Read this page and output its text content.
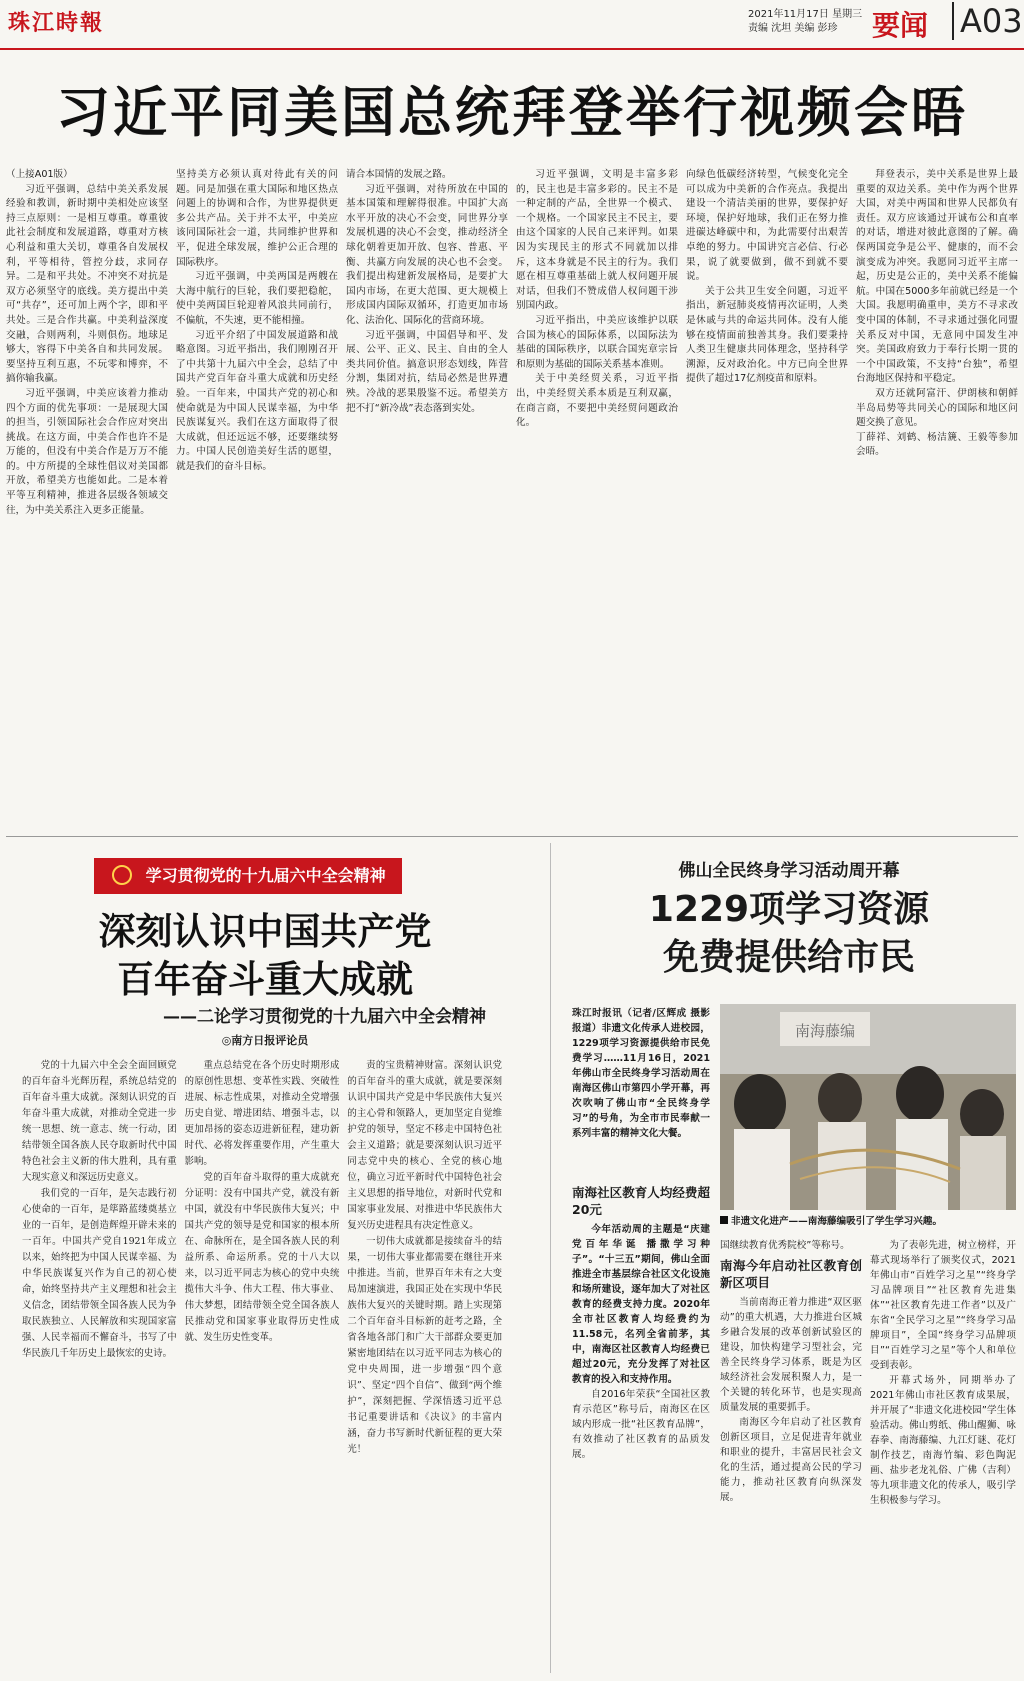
珠江時報	2021年11月17日 星期三
责编 沈坦 美编 彭珍	要闻 A03
习近平同美国总统拜登举行视频会晤

（上接A01版）

习近平强调，总结中美关系发展经验和教训，新时期中美相处应该坚持三点原则：一是相互尊重。尊重彼此社会制度和发展道路，尊重对方核心利益和重大关切，尊重各自发展权利，平等相待，管控分歧，求同存异。二是和平共处。不冲突不对抗是双方必须坚守的底线。美方提出中美可“共存”，还可加上两个字，即和平共处。三是合作共赢。中美利益深度交融，合则两利，斗则俱伤。地球足够大，容得下中美各自和共同发展。要坚持互利互惠，不玩零和博弈，不搞你输我赢。

习近平强调，中美应该着力推动四个方面的优先事项：一是展现大国的担当，引领国际社会合作应对突出挑战。在这方面，中美合作也许不是万能的，但没有中美合作是万万不能的。中方所提的全球性倡议对美国都开放，希望美方也能如此。二是本着平等互利精神，推进各层级各领域交往，为中美关系注入更多正能量。

坚持美方必须认真对待此有关的问题。同是加强在重大国际和地区热点问题上的协调和合作，为世界提供更多公共产品。关于并不太平，中美应该同国际社会一道，共同维护世界和平，促进全球发展，维护公正合理的国际秩序。

习近平强调，中美两国是两艘在大海中航行的巨轮，我们要把稳舵，使中美两国巨轮迎着风浪共同前行，不偏航，不失速，更不能相撞。

习近平介绍了中国发展道路和战略意图。习近平指出，我们刚刚召开了中共第十九届六中全会，总结了中国共产党百年奋斗重大成就和历史经验。一百年来，中国共产党的初心和使命就是为中国人民谋幸福，为中华民族谋复兴。我们在这方面取得了很大成就，但还远远不够，还要继续努力。中国人民创造美好生活的愿望，就是我们的奋斗目标。

请合本国情的发展之路。

习近平强调，对待所放在中国的基本国策和理解得很准。中国扩大高水平开放的决心不会变，同世界分享发展机遇的决心不会变，推动经济全球化朝着更加开放、包容、普惠、平衡、共赢方向发展的决心也不会变。我们提出构建新发展格局，是要扩大国内市场，在更大范围、更大规模上形成国内国际双循环，打造更加市场化、法治化、国际化的营商环境。

习近平强调，中国倡导和平、发展、公平、正义、民主、自由的全人类共同价值。搞意识形态划线，阵营分割，集团对抗，结局必然是世界遭殃。冷战的恶果殷鉴不远。希望美方把不打“新冷战”表态落到实处。

习近平强调，文明是丰富多彩的，民主也是丰富多彩的。民主不是一种定制的产品，全世界一个模式、一个规格。一个国家民主不民主，要由这个国家的人民自己来评判。如果因为实现民主的形式不同就加以排斥，这本身就是不民主的行为。我们愿在相互尊重基础上就人权问题开展对话，但我们不赞成借人权问题干涉别国内政。

习近平指出，中美应该维护以联合国为核心的国际体系，以国际法为基础的国际秩序，以联合国宪章宗旨和原则为基础的国际关系基本准则。

关于中美经贸关系，习近平指出，中美经贸关系本质是互利双赢，在商言商，不要把中美经贸问题政治化。

向绿色低碳经济转型，气候变化完全可以成为中美新的合作亮点。我提出建设一个清洁美丽的世界，要保护好环境，保护好地球，我们正在努力推进碳达峰碳中和，为此需要付出艰苦卓绝的努力。中国讲究言必信、行必果，说了就要做到，做不到就不要说。

关于公共卫生安全问题，习近平指出，新冠肺炎疫情再次证明，人类是休戚与共的命运共同体。没有人能够在疫情面前独善其身。我们要秉持人类卫生健康共同体理念，坚持科学溯源，反对政治化。中方已向全世界提供了超过17亿剂疫苗和原料。

拜登表示，美中关系是世界上最重要的双边关系。美中作为两个世界大国，对美中两国和世界人民都负有责任。双方应该通过开诚布公和直率的对话，增进对彼此意图的了解。确保两国竞争是公平、健康的，而不会演变成为冲突。我愿同习近平主席一起，历史是公正的，美中关系不能偏航。中国在5000多年前就已经是一个大国。我愿明确重申，美方不寻求改变中国的体制，不寻求通过强化同盟关系反对中国，无意同中国发生冲突。美国政府致力于奉行长期一贯的一个中国政策，不支持“台独”，希望台海地区保持和平稳定。

双方还就阿富汗、伊朗核和朝鲜半岛局势等共同关心的国际和地区问题交换了意见。

丁薛祥、刘鹤、杨洁篪、王毅等参加会晤。

学习贯彻党的十九届六中全会精神
深刻认识中国共产党
百年奋斗重大成就
——二论学习贯彻党的十九届六中全会精神
◎南方日报评论员

党的十九届六中全会全面回顾党的百年奋斗光辉历程，系统总结党的百年奋斗重大成就。深刻认识党的百年奋斗重大成就，对推动全党进一步统一思想、统一意志、统一行动，团结带领全国各族人民夺取新时代中国特色社会主义新的伟大胜利，具有重大现实意义和深远历史意义。

我们党的一百年，是矢志践行初心使命的一百年，是筚路蓝缕奠基立业的一百年，是创造辉煌开辟未来的一百年。中国共产党自1921年成立以来，始终把为中国人民谋幸福、为中华民族谋复兴作为自己的初心使命，始终坚持共产主义理想和社会主义信念，团结带领全国各族人民为争取民族独立、人民解放和实现国家富强、人民幸福而不懈奋斗，书写了中华民族几千年历史上最恢宏的史诗。

重点总结党在各个历史时期形成的原创性思想、变革性实践、突破性进展、标志性成果，对推动全党增强历史自觉、增进团结、增强斗志，以更加昂扬的姿态迈进新征程，建功新时代、必将发挥重要作用，产生重大影响。

党的百年奋斗取得的重大成就充分证明：没有中国共产党，就没有新中国，就没有中华民族伟大复兴；中国共产党的领导是党和国家的根本所在、命脉所在，是全国各族人民的利益所系、命运所系。党的十八大以来，以习近平同志为核心的党中央统揽伟大斗争、伟大工程、伟大事业、伟大梦想，团结带领全党全国各族人民推动党和国家事业取得历史性成就、发生历史性变革。

责的宝贵精神财富。深刻认识党的百年奋斗的重大成就，就是要深刻认识中国共产党是中华民族伟大复兴的主心骨和领路人，更加坚定自觉维护党的领导，坚定不移走中国特色社会主义道路；就是要深刻认识习近平同志党中央的核心、全党的核心地位，确立习近平新时代中国特色社会主义思想的指导地位，对新时代党和国家事业发展、对推进中华民族伟大复兴历史进程具有决定性意义。

一切伟大成就都是接续奋斗的结果，一切伟大事业都需要在继往开来中推进。当前，世界百年未有之大变局加速演进，我国正处在实现中华民族伟大复兴的关键时期。踏上实现第二个百年奋斗目标新的赶考之路，全省各地各部门和广大干部群众要更加紧密地团结在以习近平同志为核心的党中央周围，进一步增强“四个意识”、坚定“四个自信”、做到“两个维护”，深刻把握、学深悟透习近平总书记重要讲话和《决议》的丰富内涵，奋力书写新时代新征程的更大荣光！

佛山全民终身学习活动周开幕
1229项学习资源
免费提供给市民
珠江时报讯（记者/区辉成 摄影报道）非遗文化传承人进校园，1229项学习资源提供给市民免费学习……11月16日，2021年佛山市全民终身学习活动周在南海区佛山市第四小学开幕，再次吹响了佛山市“全民终身学习”的号角，为全市市民奉献一系列丰富的精神文化大餐。
南海藤编
非遗文化进产——南海藤编吸引了学生学习兴趣。
南海社区教育人均经费超20元

今年活动周的主题是“庆建党百年华诞 播撒学习种子”。“十三五”期间，佛山全面推进全市基层综合社区文化设施和场所建设，逐年加大了对社区教育的经费支持力度。2020年全市社区教育人均经费约为11.58元，名列全省前茅，其中，南海区社区教育人均经费已超过20元，充分发挥了对社区教育的投入和支持作用。

自2016年荣获“全国社区教育示范区”称号后，南海区在区域内形成一批“社区教育品牌”，有效推动了社区教育的品质发展。

国继续教育优秀院校”等称号。
南海今年启动社区教育创新区项目

当前南海正着力推进“双区驱动”的重大机遇，大力推进台区城乡融合发展的改革创新试验区的建设，加快构建学习型社会，完善全民终身学习体系，既是为区域经济社会发展积聚人力，是一个关键的转化环节，也是实现高质量发展的重要抓手。

南海区今年启动了社区教育创新区项目，立足促进青年就业和职业的提升，丰富居民社会文化的生活，通过提高公民的学习能力，推动社区教育向纵深发展。

为了表彰先进，树立榜样，开幕式现场举行了颁奖仪式，2021年佛山市“百姓学习之星”“终身学习品牌项目”“社区教育先进集体”“社区教育先进工作者”以及广东省“全民学习之星”“终身学习品牌项目”，全国“终身学习品牌项目”“百姓学习之星”等个人和单位受到表彰。

开幕式场外，同期举办了2021年佛山市社区教育成果展，并开展了“非遗文化进校园”学生体验活动。佛山剪纸、佛山醒狮、咏春拳、南海藤编、九江灯谜、花灯制作技艺，南海竹编、彩色陶泥画、盐步老龙礼俗、广佛（吉利）等九项非遗文化的传承人，吸引学生积极参与学习。
